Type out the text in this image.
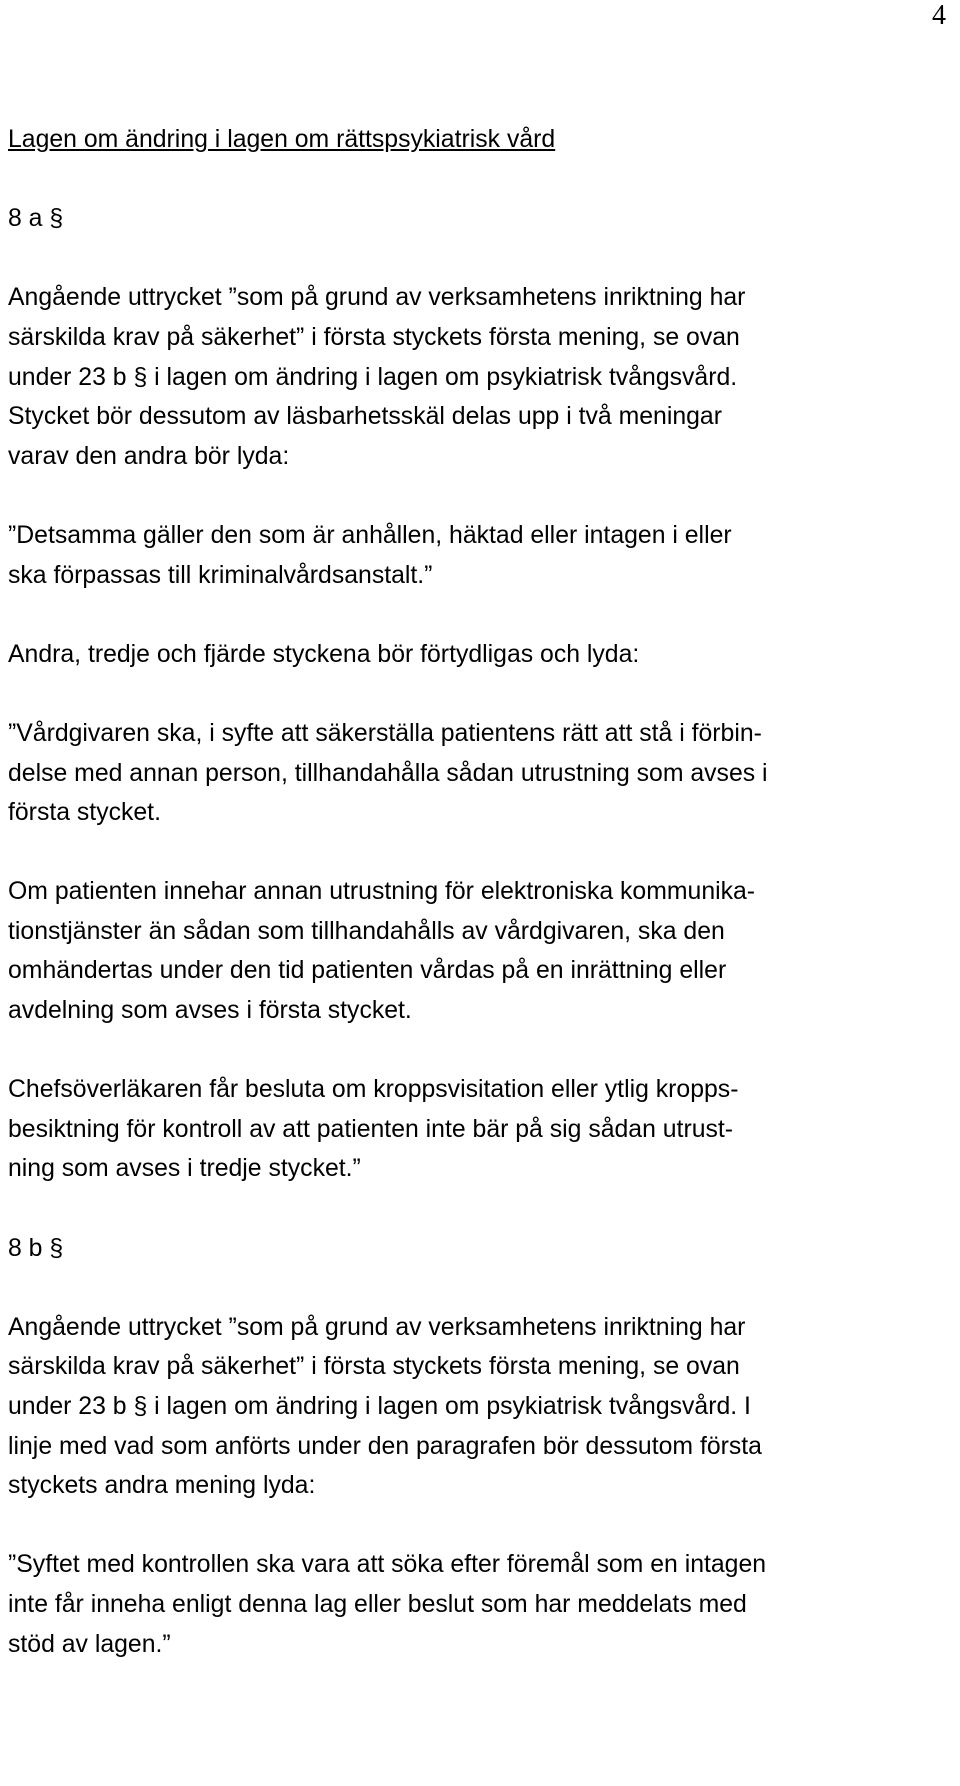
4
Lagen om ändring i lagen om rättspsykiatrisk vård
8 a §
Angående uttrycket ”som på grund av verksamhetens inriktning har
särskilda krav på säkerhet” i första styckets första mening, se ovan
under 23 b § i lagen om ändring i lagen om psykiatrisk tvångsvård.
Stycket bör dessutom av läsbarhetsskäl delas upp i två meningar
varav den andra bör lyda:
”Detsamma gäller den som är anhållen, häktad eller intagen i eller
ska förpassas till kriminalvårdsanstalt.”
Andra, tredje och fjärde styckena bör förtydligas och lyda:
”Vårdgivaren ska, i syfte att säkerställa patientens rätt att stå i förbin-
delse med annan person, tillhandahålla sådan utrustning som avses i
första stycket.
Om patienten innehar annan utrustning för elektroniska kommunika-
tionstjänster än sådan som tillhandahålls av vårdgivaren, ska den
omhändertas under den tid patienten vårdas på en inrättning eller
avdelning som avses i första stycket.
Chefsöverläkaren får besluta om kroppsvisitation eller ytlig kropps-
besiktning för kontroll av att patienten inte bär på sig sådan utrust-
ning som avses i tredje stycket.”
8 b §
Angående uttrycket ”som på grund av verksamhetens inriktning har
särskilda krav på säkerhet” i första styckets första mening, se ovan
under 23 b § i lagen om ändring i lagen om psykiatrisk tvångsvård. I
linje med vad som anförts under den paragrafen bör dessutom första
styckets andra mening lyda:
”Syftet med kontrollen ska vara att söka efter föremål som en intagen
inte får inneha enligt denna lag eller beslut som har meddelats med
stöd av lagen.”
